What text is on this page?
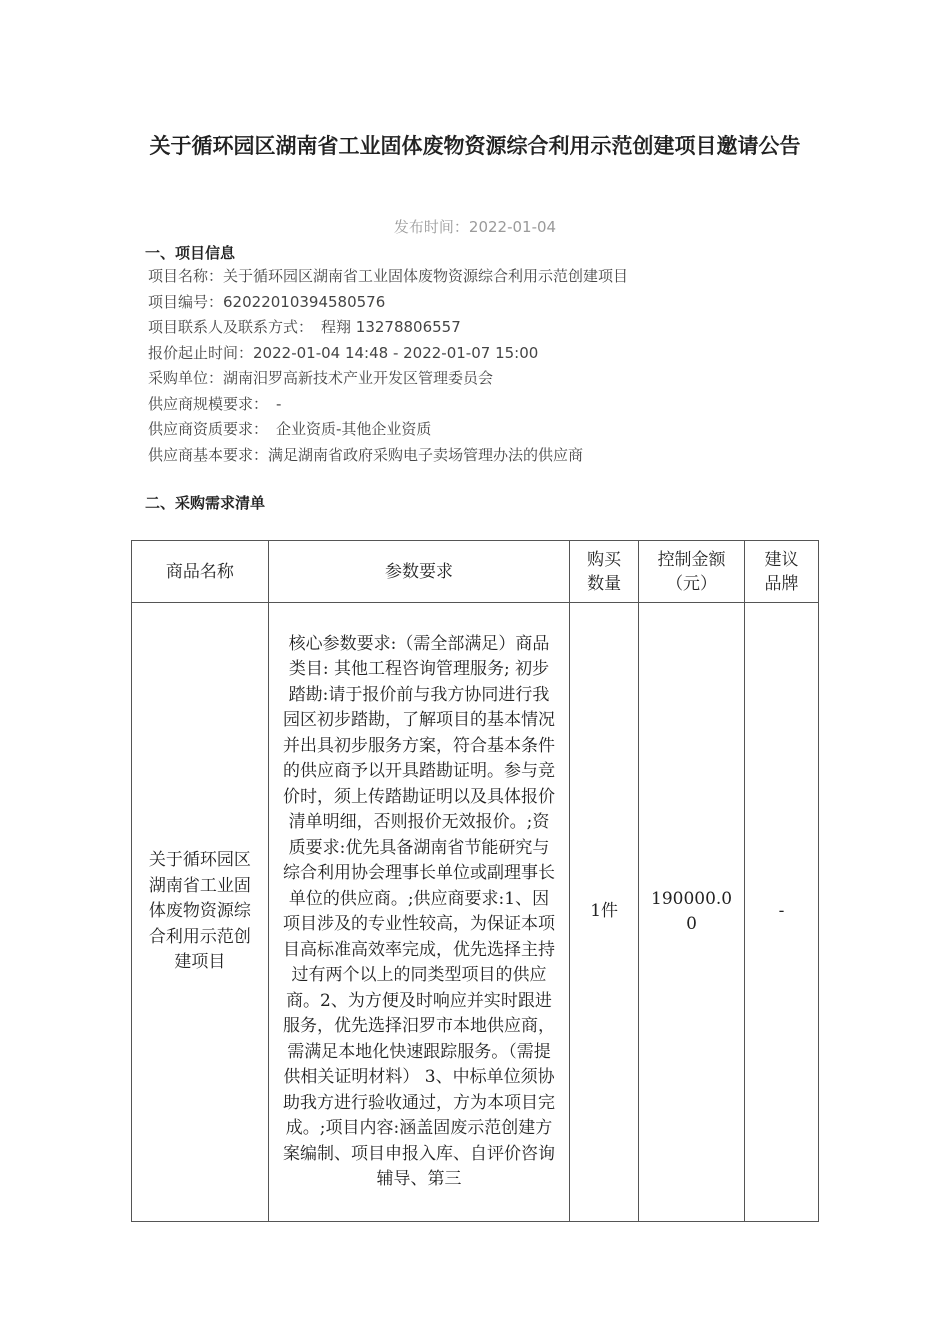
关于循环园区湖南省工业固体废物资源综合利用示范创建项目邀请公告
发布时间：2022-01-04
一、项目信息
项目名称：关于循环园区湖南省工业固体废物资源综合利用示范创建项目
项目编号：62022010394580576
项目联系人及联系方式： 程翔 13278806557
报价起止时间：2022-01-04 14:48 - 2022-01-07 15:00
采购单位：湖南汨罗高新技术产业开发区管理委员会
供应商规模要求： -
供应商资质要求： 企业资质-其他企业资质
供应商基本要求：满足湖南省政府采购电子卖场管理办法的供应商
二、采购需求清单
商品名称	参数要求	购买数量	控制金额（元）	建议品牌
关于循环园区湖南省工业固体废物资源综合利用示范创建项目	核心参数要求:（需全部满足）商品类目: 其他工程咨询管理服务; 初步踏勘:请于报价前与我方协同进行我园区初步踏勘，了解项目的基本情况并出具初步服务方案，符合基本条件的供应商予以开具踏勘证明。参与竞价时，须上传踏勘证明以及具体报价清单明细，否则报价无效报价。;资质要求:优先具备湖南省节能研究与综合利用协会理事长单位或副理事长单位的供应商。;供应商要求:1、因项目涉及的专业性较高，为保证本项目高标准高效率完成，优先选择主持过有两个以上的同类型项目的供应商。2、为方便及时响应并实时跟进服务，优先选择汨罗市本地供应商，需满足本地化快速跟踪服务。（需提供相关证明材料） 3、中标单位须协助我方进行验收通过，方为本项目完成。;项目内容:涵盖固废示范创建方案编制、项目申报入库、自评价咨询辅导、第三	1件	190000.00	-
